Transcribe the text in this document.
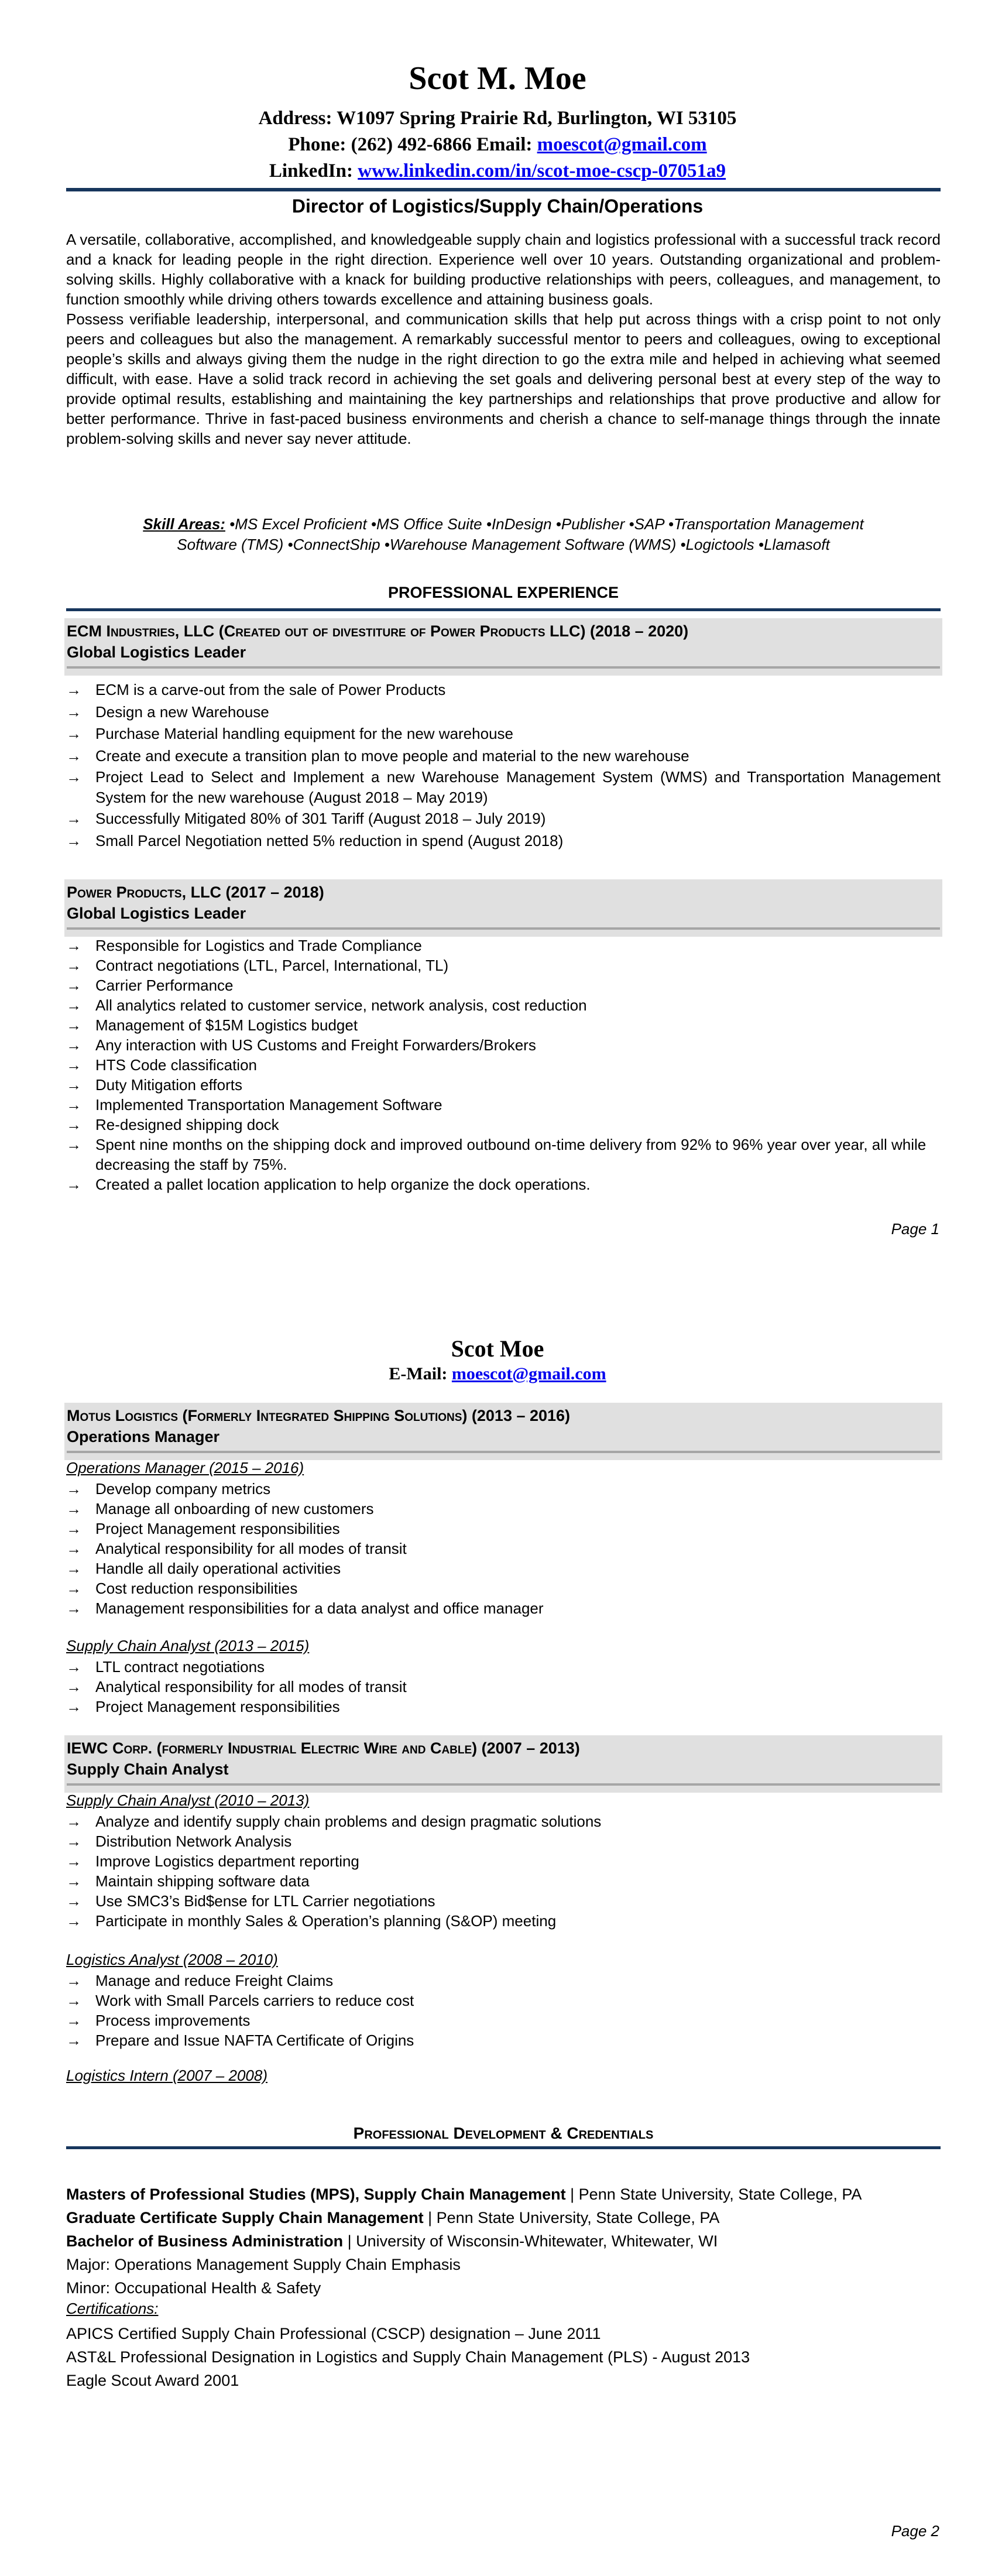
Scot M. Moe
Address: W1097 Spring Prairie Rd, Burlington, WI 53105
Phone: (262) 492-6866 Email: moescot@gmail.com
LinkedIn: www.linkedin.com/in/scot-moe-cscp-07051a9
Director of Logistics/Supply Chain/Operations

A versatile, collaborative, accomplished, and knowledgeable supply chain and logistics professional with a successful track record and a knack for leading people in the right direction. Experience well over 10 years. Outstanding organizational and problem-solving skills. Highly collaborative with a knack for building productive relationships with peers, colleagues, and management, to function smoothly while driving others towards excellence and attaining business goals.

Possess verifiable leadership, interpersonal, and communication skills that help put across things with a crisp point to not only peers and colleagues but also the management. A remarkably successful mentor to peers and colleagues, owing to exceptional people’s skills and always giving them the nudge in the right direction to go the extra mile and helped in achieving what seemed difficult, with ease. Have a solid track record in achieving the set goals and delivering personal best at every step of the way to provide optimal results, establishing and maintaining the key partnerships and relationships that prove productive and allow for better performance. Thrive in fast-paced business environments and cherish a chance to self-manage things through the innate problem-solving skills and never say never attitude.

Skill Areas: •MS Excel Proficient •MS Office Suite •InDesign •Publisher •SAP •Transportation Management
Software (TMS) •ConnectShip •Warehouse Management Software (WMS) •Logictools •Llamasoft
PROFESSIONAL EXPERIENCE
ECM Industries, LLC (Created out of divestiture of Power Products LLC) (2018 – 2020)
Global Logistics Leader
→ ECM is a carve-out from the sale of Power Products
→ Design a new Warehouse
→ Purchase Material handling equipment for the new warehouse
→ Create and execute a transition plan to move people and material to the new warehouse
→ Project Lead to Select and Implement a new Warehouse Management System (WMS) and Transportation Management System for the new warehouse (August 2018 – May 2019)
→ Successfully Mitigated 80% of 301 Tariff (August 2018 – July 2019)
→ Small Parcel Negotiation netted 5% reduction in spend (August 2018)
Power Products, LLC (2017 – 2018)
Global Logistics Leader
→ Responsible for Logistics and Trade Compliance
→ Contract negotiations (LTL, Parcel, International, TL)
→ Carrier Performance
→ All analytics related to customer service, network analysis, cost reduction
→ Management of $15M Logistics budget
→ Any interaction with US Customs and Freight Forwarders/Brokers
→ HTS Code classification
→ Duty Mitigation efforts
→ Implemented Transportation Management Software
→ Re-designed shipping dock
→ Spent nine months on the shipping dock and improved outbound on-time delivery from 92% to 96% year over year, all while decreasing the staff by 75%.
→ Created a pallet location application to help organize the dock operations.
Page 1
Scot Moe
E-Mail: moescot@gmail.com
Motus Logistics (Formerly Integrated Shipping Solutions) (2013 – 2016)
Operations Manager
Operations Manager (2015 – 2016)
→ Develop company metrics
→ Manage all onboarding of new customers
→ Project Management responsibilities
→ Analytical responsibility for all modes of transit
→ Handle all daily operational activities
→ Cost reduction responsibilities
→ Management responsibilities for a data analyst and office manager
Supply Chain Analyst (2013 – 2015)
→ LTL contract negotiations
→ Analytical responsibility for all modes of transit
→ Project Management responsibilities
IEWC Corp. (formerly Industrial Electric Wire and Cable) (2007 – 2013)
Supply Chain Analyst
Supply Chain Analyst (2010 – 2013)
→ Analyze and identify supply chain problems and design pragmatic solutions
→ Distribution Network Analysis
→ Improve Logistics department reporting
→ Maintain shipping software data
→ Use SMC3’s Bid$ense for LTL Carrier negotiations
→ Participate in monthly Sales & Operation’s planning (S&OP) meeting
Logistics Analyst (2008 – 2010)
→ Manage and reduce Freight Claims
→ Work with Small Parcels carriers to reduce cost
→ Process improvements
→ Prepare and Issue NAFTA Certificate of Origins
Logistics Intern (2007 – 2008)
Professional Development & Credentials
Masters of Professional Studies (MPS), Supply Chain Management | Penn State University, State College, PA
Graduate Certificate Supply Chain Management | Penn State University, State College, PA
Bachelor of Business Administration | University of Wisconsin-Whitewater, Whitewater, WI
Major: Operations Management Supply Chain Emphasis
Minor: Occupational Health & Safety
Certifications:
APICS Certified Supply Chain Professional (CSCP) designation – June 2011
AST&L Professional Designation in Logistics and Supply Chain Management (PLS) - August 2013
Eagle Scout Award 2001
Page 2
